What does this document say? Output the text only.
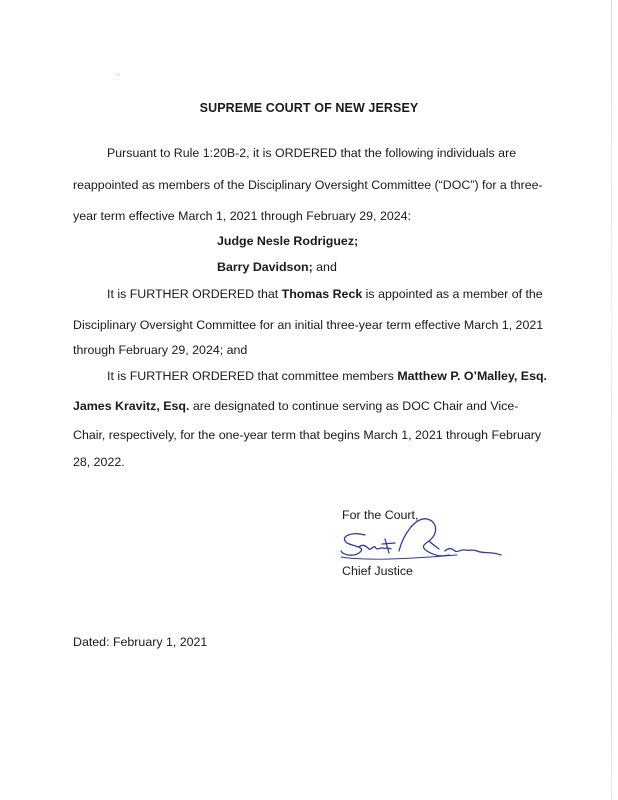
SUPREME COURT OF NEW JERSEY
Pursuant to Rule 1:20B-2, it is ORDERED that the following individuals are
reappointed as members of the Disciplinary Oversight Committee (“DOC”) for a three-
year term effective March 1, 2021 through February 29, 2024:
Judge Nesle Rodriguez;
Barry Davidson; and
It is FURTHER ORDERED that Thomas Reck is appointed as a member of the
Disciplinary Oversight Committee for an initial three-year term effective March 1, 2021
through February 29, 2024; and
It is FURTHER ORDERED that committee members Matthew P. O’Malley, Esq.
James Kravitz, Esq. are designated to continue serving as DOC Chair and Vice-
Chair, respectively, for the one-year term that begins March 1, 2021 through February
28, 2022.
For the Court,
Chief Justice
Dated: February 1, 2021
